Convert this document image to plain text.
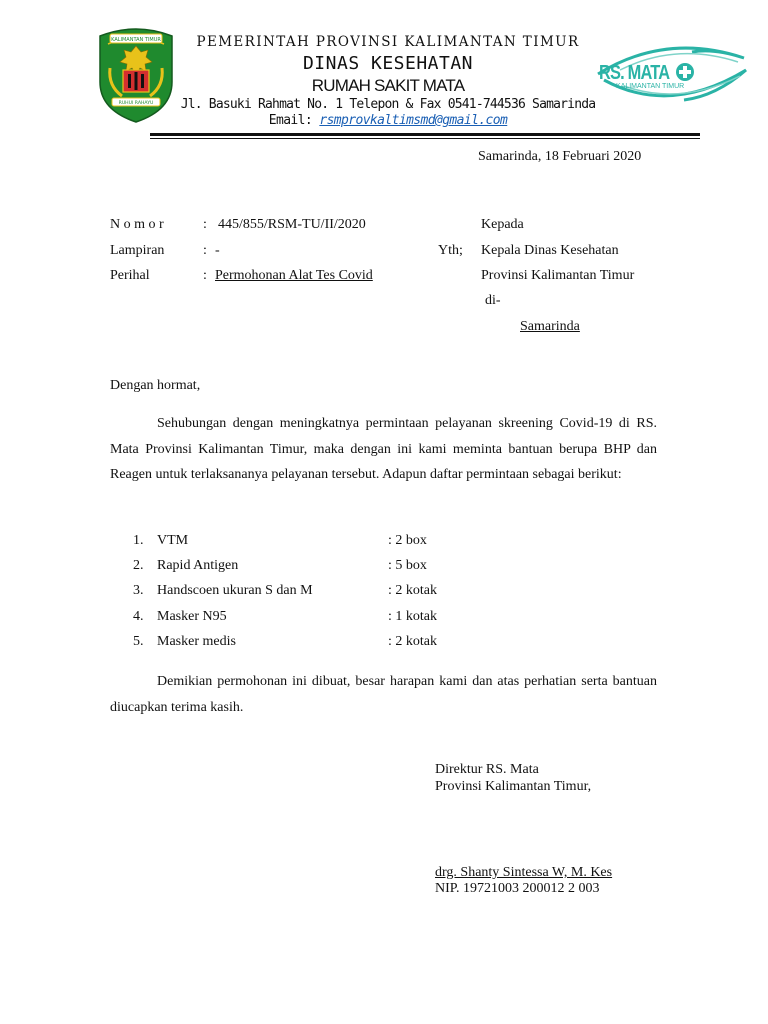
KALIMANTAN TIMUR
RUHUI RAHAYU
RS. MATA
KALIMANTAN TIMUR
PEMERINTAH PROVINSI KALIMANTAN TIMUR
DINAS KESEHATAN
RUMAH SAKIT MATA
Jl. Basuki Rahmat No. 1 Telepon & Fax 0541-744536 Samarinda
Email: rsmprovkaltimsmd@gmail.com
Samarinda, 18 Februari 2020
N o m o r	: 445/855/RSM-TU/II/2020
Lampiran	: -
Perihal	: Permohonan Alat Tes Covid
Kepada
Yth; Kepala Dinas Kesehatan
Provinsi Kalimantan Timur
di-
Samarinda
Dengan hormat,
Sehubungan dengan meningkatnya permintaan pelayanan skreening Covid-19 di RS. Mata Provinsi Kalimantan Timur, maka dengan ini kami meminta bantuan berupa BHP dan Reagen untuk terlaksananya pelayanan tersebut. Adapun daftar permintaan sebagai berikut:
1. VTM	: 2 box
2. Rapid Antigen	: 5 box
3. Handscoen ukuran S dan M	: 2 kotak
4. Masker N95	: 1 kotak
5. Masker medis	: 2 kotak
Demikian permohonan ini dibuat, besar harapan kami dan atas perhatian serta bantuan diucapkan terima kasih.
Direktur RS. Mata
Provinsi Kalimantan Timur,
drg. Shanty Sintessa W, M. Kes
NIP. 19721003 200012 2 003
